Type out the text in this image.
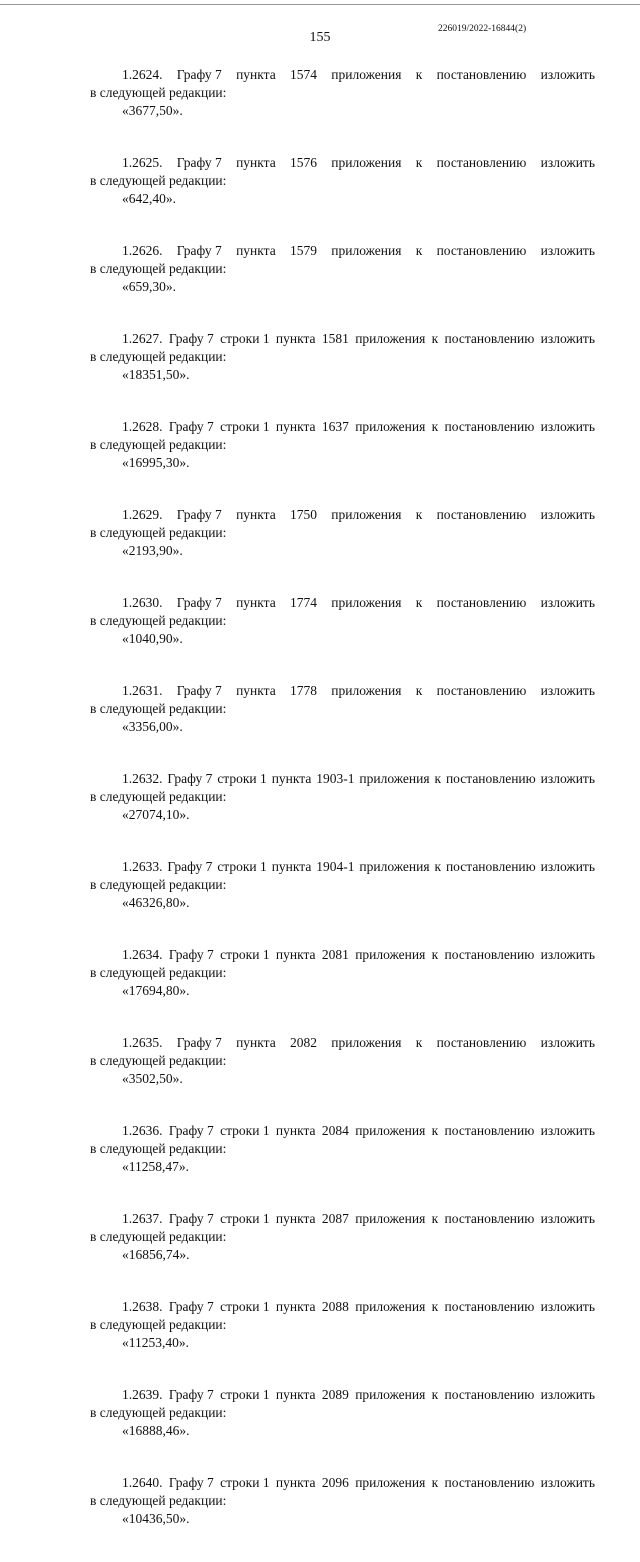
155
226019/2022-16844(2)
1.2624. Графу 7 пункта 1574 приложения к постановлению изложить
в следующей редакции:
«3677,50».
1.2625. Графу 7 пункта 1576 приложения к постановлению изложить
в следующей редакции:
«642,40».
1.2626. Графу 7 пункта 1579 приложения к постановлению изложить
в следующей редакции:
«659,30».
1.2627. Графу 7 строки 1 пункта 1581 приложения к постановлению изложить
в следующей редакции:
«18351,50».
1.2628. Графу 7 строки 1 пункта 1637 приложения к постановлению изложить
в следующей редакции:
«16995,30».
1.2629. Графу 7 пункта 1750 приложения к постановлению изложить
в следующей редакции:
«2193,90».
1.2630. Графу 7 пункта 1774 приложения к постановлению изложить
в следующей редакции:
«1040,90».
1.2631. Графу 7 пункта 1778 приложения к постановлению изложить
в следующей редакции:
«3356,00».
1.2632. Графу 7 строки 1 пункта 1903-1 приложения к постановлению изложить
в следующей редакции:
«27074,10».
1.2633. Графу 7 строки 1 пункта 1904-1 приложения к постановлению изложить
в следующей редакции:
«46326,80».
1.2634. Графу 7 строки 1 пункта 2081 приложения к постановлению изложить
в следующей редакции:
«17694,80».
1.2635. Графу 7 пункта 2082 приложения к постановлению изложить
в следующей редакции:
«3502,50».
1.2636. Графу 7 строки 1 пункта 2084 приложения к постановлению изложить
в следующей редакции:
«11258,47».
1.2637. Графу 7 строки 1 пункта 2087 приложения к постановлению изложить
в следующей редакции:
«16856,74».
1.2638. Графу 7 строки 1 пункта 2088 приложения к постановлению изложить
в следующей редакции:
«11253,40».
1.2639. Графу 7 строки 1 пункта 2089 приложения к постановлению изложить
в следующей редакции:
«16888,46».
1.2640. Графу 7 строки 1 пункта 2096 приложения к постановлению изложить
в следующей редакции:
«10436,50».
